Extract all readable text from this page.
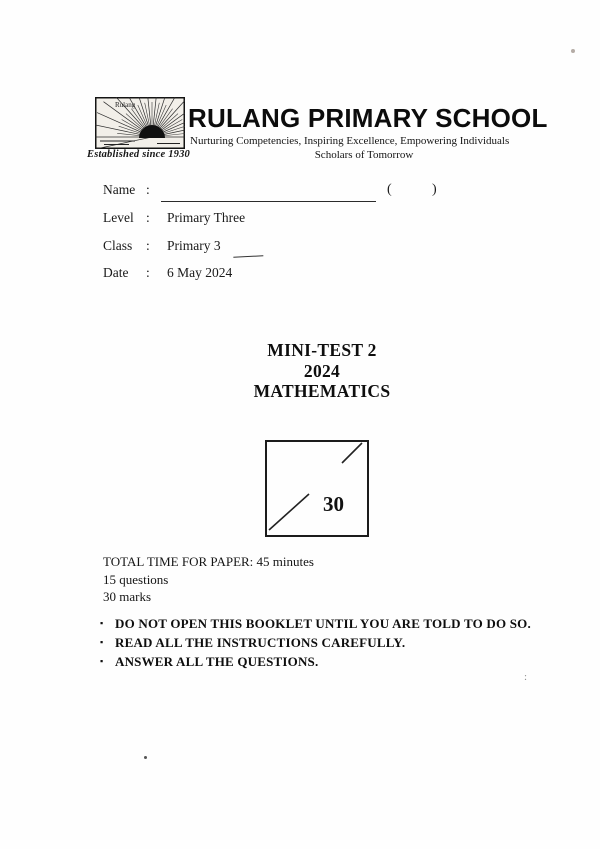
Rulang
Established since 1930
RULANG PRIMARY SCHOOL
Nurturing Competencies, Inspiring Excellence, Empowering Individuals
Scholars of Tomorrow
Name :	(	)
Level : Primary Three
Class : Primary 3
Date : 6 May 2024
MINI-TEST 2
2024
MATHEMATICS
30
TOTAL TIME FOR PAPER: 45 minutes
15 questions
30 marks
▪ DO NOT OPEN THIS BOOKLET UNTIL YOU ARE TOLD TO DO SO.
▪ READ ALL THE INSTRUCTIONS CAREFULLY.
▪ ANSWER ALL THE QUESTIONS.
:
